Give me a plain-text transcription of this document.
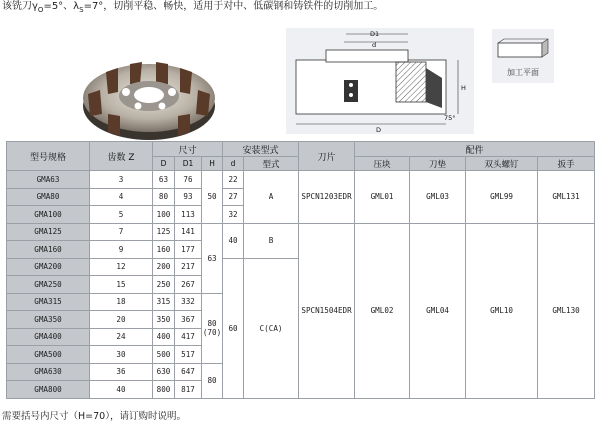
该铣刀$\gamma_O=5^\circ$、$\lambda_S=7^\circ$，切削平稳、畅快，适用于对中、低碳钢和铸铁件的切削加工。
D1
d
D
H
75°
加工平面
型号规格	齿数 Z	尺寸			安装型式		刀片	配件			
		D	D1	H	d	型式		压块	刀垫	双头螺钉	扳手
GMA63	3	63	76	50	22	A	SPCN1203EDR	GML01	GML03	GML99	GML131
GMA80	4	80	93		27						
GMA100	5	100	113		32						
GMA125	7	125	141	63	40	B	SPCN1504EDR	GML02	GML04	GML10	GML130
GMA160	9	160	177								
GMA200	12	200	217		60	C(CA)					
GMA250	15	250	267								
GMA315	18	315	332	80
(70)							
GMA350	20	350	367								
GMA400	24	400	417								
GMA500	30	500	517								
GMA630	36	630	647	80							
GMA800	40	800	817								
需要括号内尺寸（H=70），请订购时说明。
